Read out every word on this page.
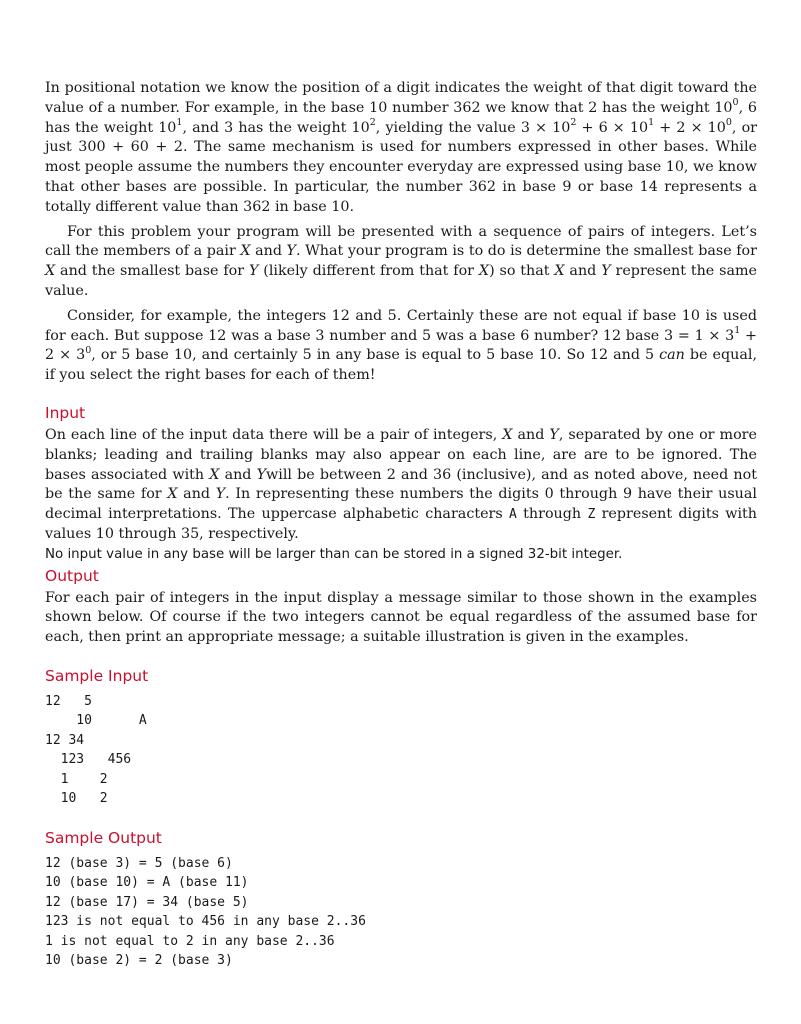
In positional notation we know the position of a digit indicates the weight of that digit toward the value of a number. For example, in the base 10 number 362 we know that 2 has the weight $10^0$, 6 has the weight $10^1$, and 3 has the weight $10^2$, yielding the value $3 \times 10^2 + 6 \times 10^1 + 2 \times 10^0$, or just 300 + 60 + 2. The same mechanism is used for numbers expressed in other bases. While most people assume the numbers they encounter everyday are expressed using base 10, we know that other bases are possible. In particular, the number 362 in base 9 or base 14 represents a totally different value than 362 in base 10.

For this problem your program will be presented with a sequence of pairs of integers. Let’s call the members of a pair X and Y. What your program is to do is determine the smallest base for X and the smallest base for Y (likely different from that for X) so that X and Y represent the same value.

Consider, for example, the integers 12 and 5. Certainly these are not equal if base 10 is used for each. But suppose 12 was a base 3 number and 5 was a base 6 number? 12 base $3 = 1 \times 3^1 + 2 \times 3^0$, or 5 base 10, and certainly 5 in any base is equal to 5 base 10. So 12 and 5 can be equal, if you select the right bases for each of them!

Input

On each line of the input data there will be a pair of integers, X and Y, separated by one or more blanks; leading and trailing blanks may also appear on each line, are are to be ignored. The bases associated with X and Ywill be between 2 and 36 (inclusive), and as noted above, need not be the same for X and Y. In representing these numbers the digits 0 through 9 have their usual decimal interpretations. The uppercase alphabetic characters A through Z represent digits with values 10 through 35, respectively.
No input value in any base will be larger than can be stored in a signed 32-bit integer.

Output

For each pair of integers in the input display a message similar to those shown in the examples shown below. Of course if the two integers cannot be equal regardless of the assumed base for each, then print an appropriate message; a suitable illustration is given in the examples.

Sample Input
12   5
10      A
12 34
123   456
1    2
10   2
Sample Output
12 (base 3) = 5 (base 6)
10 (base 10) = A (base 11)
12 (base 17) = 34 (base 5)
123 is not equal to 456 in any base 2..36
1 is not equal to 2 in any base 2..36
10 (base 2) = 2 (base 3)
